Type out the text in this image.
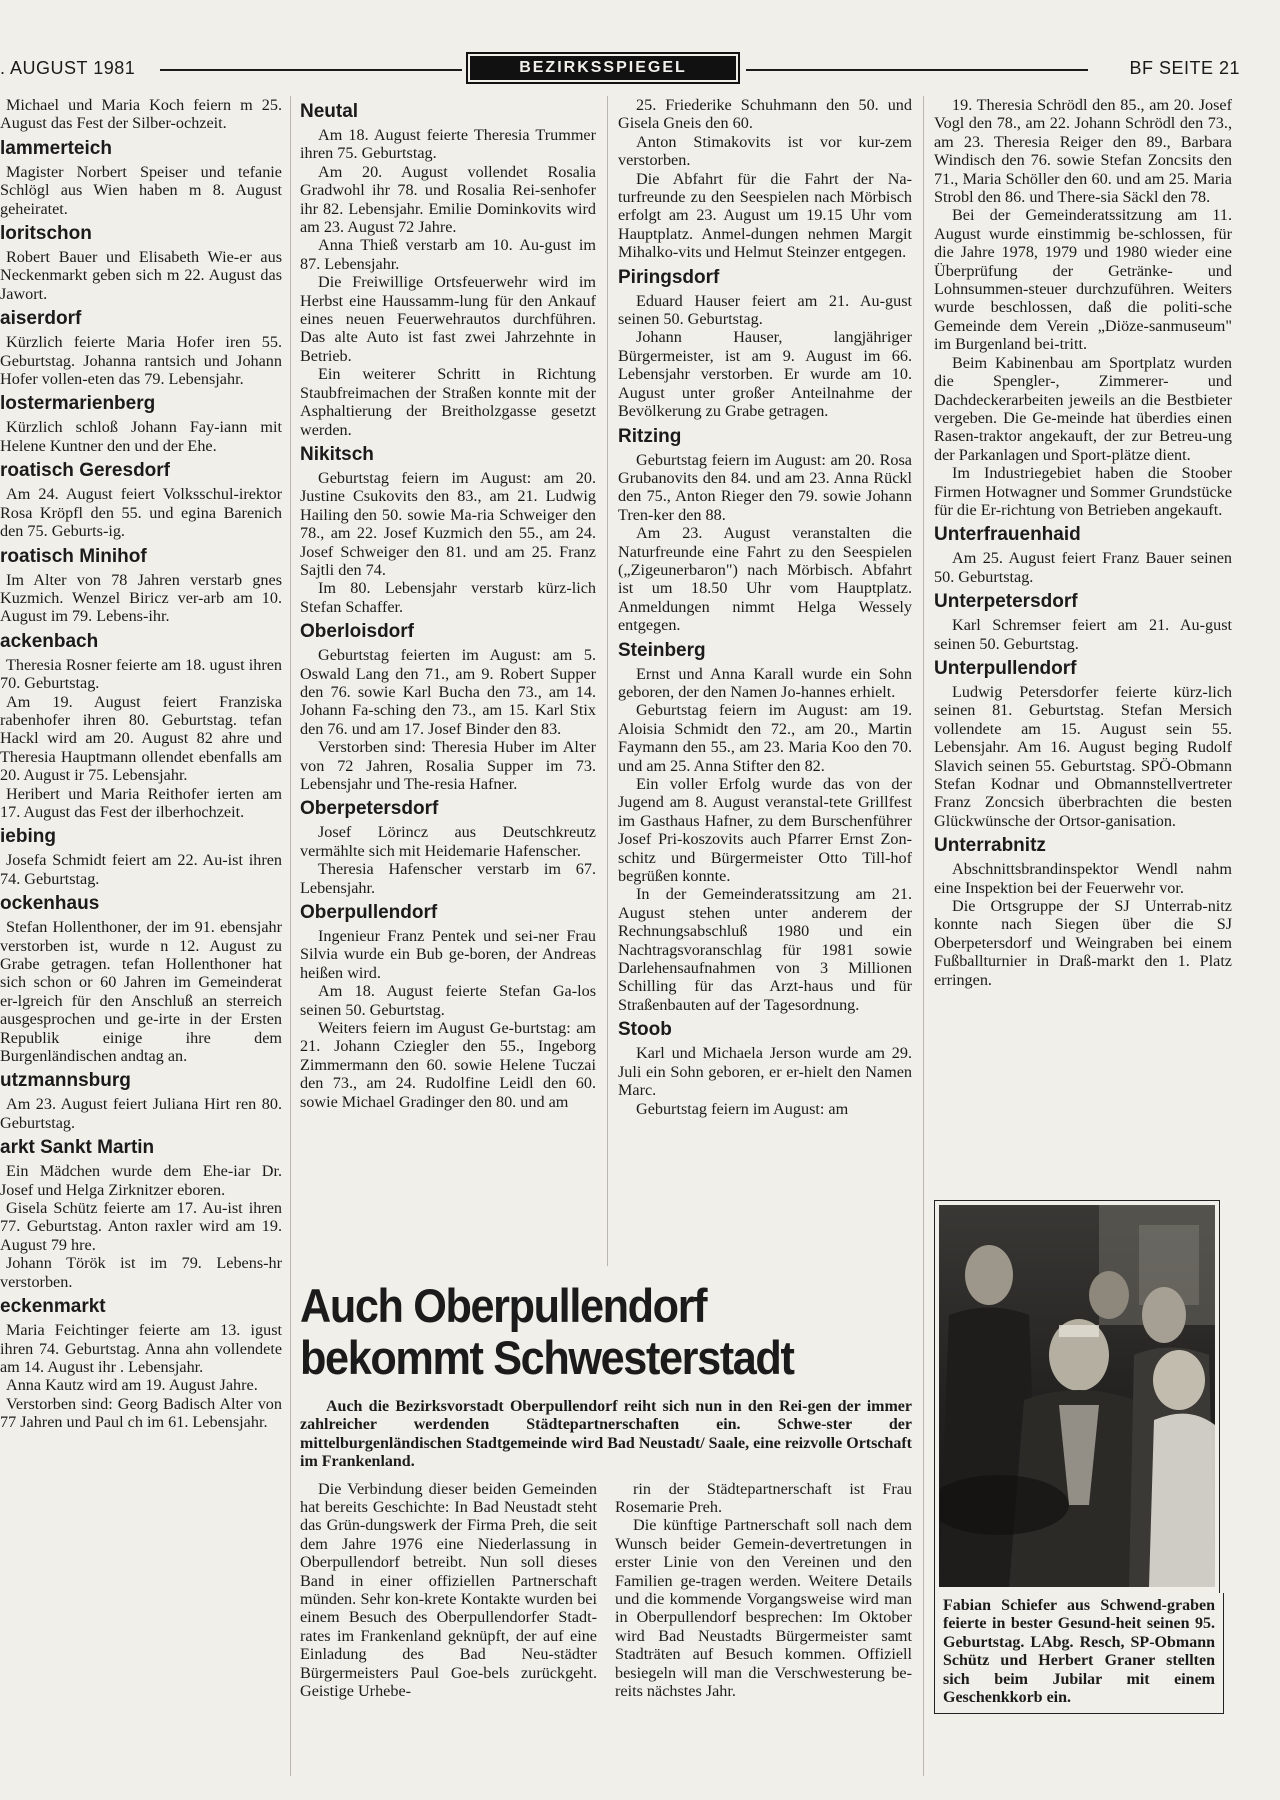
. AUGUST 1981	BEZIRKSSPIEGEL	BF SEITE 21

Michael und Maria Koch feiern m 25. August das Fest der Silber-ochzeit.

lammerteich

Magister Norbert Speiser und tefanie Schlögl aus Wien haben m 8. August geheiratet.

loritschon

Robert Bauer und Elisabeth Wie-er aus Neckenmarkt geben sich m 22. August das Jawort.

aiserdorf

Kürzlich feierte Maria Hofer iren 55. Geburtstag. Johanna rantsich und Johann Hofer vollen-eten das 79. Lebensjahr.

lostermarienberg

Kürzlich schloß Johann Fay-iann mit Helene Kuntner den und der Ehe.

roatisch Geresdorf

Am 24. August feiert Volksschul-irektor Rosa Kröpfl den 55. und egina Barenich den 75. Geburts-ig.

roatisch Minihof

Im Alter von 78 Jahren verstarb gnes Kuzmich. Wenzel Biricz ver-arb am 10. August im 79. Lebens-ihr.

ackenbach

Theresia Rosner feierte am 18. ugust ihren 70. Geburtstag.

Am 19. August feiert Franziska rabenhofer ihren 80. Geburtstag. tefan Hackl wird am 20. August 82 ahre und Theresia Hauptmann ollendet ebenfalls am 20. August ir 75. Lebensjahr.

Heribert und Maria Reithofer ierten am 17. August das Fest der ilberhochzeit.

iebing

Josefa Schmidt feiert am 22. Au-ist ihren 74. Geburtstag.

ockenhaus

Stefan Hollenthoner, der im 91. ebensjahr verstorben ist, wurde n 12. August zu Grabe getragen. tefan Hollenthoner hat sich schon or 60 Jahren im Gemeinderat er-lgreich für den Anschluß an sterreich ausgesprochen und ge-irte in der Ersten Republik einige ihre dem Burgenländischen andtag an.

utzmannsburg

Am 23. August feiert Juliana Hirt ren 80. Geburtstag.

arkt Sankt Martin

Ein Mädchen wurde dem Ehe-iar Dr. Josef und Helga Zirknitzer eboren.

Gisela Schütz feierte am 17. Au-ist ihren 77. Geburtstag. Anton raxler wird am 19. August 79 hre.

Johann Török ist im 79. Lebens-hr verstorben.

eckenmarkt

Maria Feichtinger feierte am 13. igust ihren 74. Geburtstag. Anna ahn vollendete am 14. August ihr . Lebensjahr.

Anna Kautz wird am 19. August Jahre.

Verstorben sind: Georg Badisch Alter von 77 Jahren und Paul ch im 61. Lebensjahr.

Neutal

Am 18. August feierte Theresia Trummer ihren 75. Geburtstag.

Am 20. August vollendet Rosalia Gradwohl ihr 78. und Rosalia Rei-senhofer ihr 82. Lebensjahr. Emilie Dominkovits wird am 23. August 72 Jahre.

Anna Thieß verstarb am 10. Au-gust im 87. Lebensjahr.

Die Freiwillige Ortsfeuerwehr wird im Herbst eine Haussamm-lung für den Ankauf eines neuen Feuerwehrautos durchführen. Das alte Auto ist fast zwei Jahrzehnte in Betrieb.

Ein weiterer Schritt in Richtung Staubfreimachen der Straßen konnte mit der Asphaltierung der Breitholzgasse gesetzt werden.

Nikitsch

Geburtstag feiern im August: am 20. Justine Csukovits den 83., am 21. Ludwig Hailing den 50. sowie Ma-ria Schweiger den 78., am 22. Josef Kuzmich den 55., am 24. Josef Schweiger den 81. und am 25. Franz Sajtli den 74.

Im 80. Lebensjahr verstarb kürz-lich Stefan Schaffer.

Oberloisdorf

Geburtstag feierten im August: am 5. Oswald Lang den 71., am 9. Robert Supper den 76. sowie Karl Bucha den 73., am 14. Johann Fa-sching den 73., am 15. Karl Stix den 76. und am 17. Josef Binder den 83.

Verstorben sind: Theresia Huber im Alter von 72 Jahren, Rosalia Supper im 73. Lebensjahr und The-resia Hafner.

Oberpetersdorf

Josef Lörincz aus Deutschkreutz vermählte sich mit Heidemarie Hafenscher.

Theresia Hafenscher verstarb im 67. Lebensjahr.

Oberpullendorf

Ingenieur Franz Pentek und sei-ner Frau Silvia wurde ein Bub ge-boren, der Andreas heißen wird.

Am 18. August feierte Stefan Ga-los seinen 50. Geburtstag.

Weiters feiern im August Ge-burtstag: am 21. Johann Cziegler den 55., Ingeborg Zimmermann den 60. sowie Helene Tuczai den 73., am 24. Rudolfine Leidl den 60. sowie Michael Gradinger den 80. und am

25. Friederike Schuhmann den 50. und Gisela Gneis den 60.

Anton Stimakovits ist vor kur-zem verstorben.

Die Abfahrt für die Fahrt der Na-turfreunde zu den Seespielen nach Mörbisch erfolgt am 23. August um 19.15 Uhr vom Hauptplatz. Anmel-dungen nehmen Margit Mihalko-vits und Helmut Steinzer entgegen.

Piringsdorf

Eduard Hauser feiert am 21. Au-gust seinen 50. Geburtstag.

Johann Hauser, langjähriger Bürgermeister, ist am 9. August im 66. Lebensjahr verstorben. Er wurde am 10. August unter großer Anteilnahme der Bevölkerung zu Grabe getragen.

Ritzing

Geburtstag feiern im August: am 20. Rosa Grubanovits den 84. und am 23. Anna Rückl den 75., Anton Rieger den 79. sowie Johann Tren-ker den 88.

Am 23. August veranstalten die Naturfreunde eine Fahrt zu den Seespielen („Zigeunerbaron") nach Mörbisch. Abfahrt ist um 18.50 Uhr vom Hauptplatz. Anmeldungen nimmt Helga Wessely entgegen.

Steinberg

Ernst und Anna Karall wurde ein Sohn geboren, der den Namen Jo-hannes erhielt.

Geburtstag feiern im August: am 19. Aloisia Schmidt den 72., am 20., Martin Faymann den 55., am 23. Maria Koo den 70. und am 25. Anna Stifter den 82.

Ein voller Erfolg wurde das von der Jugend am 8. August veranstal-tete Grillfest im Gasthaus Hafner, zu dem Burschenführer Josef Pri-koszovits auch Pfarrer Ernst Zon-schitz und Bürgermeister Otto Till-hof begrüßen konnte.

In der Gemeinderatssitzung am 21. August stehen unter anderem der Rechnungsabschluß 1980 und ein Nachtragsvoranschlag für 1981 sowie Darlehensaufnahmen von 3 Millionen Schilling für das Arzt-haus und für Straßenbauten auf der Tagesordnung.

Stoob

Karl und Michaela Jerson wurde am 29. Juli ein Sohn geboren, er er-hielt den Namen Marc.

Geburtstag feiern im August: am

19. Theresia Schrödl den 85., am 20. Josef Vogl den 78., am 22. Johann Schrödl den 73., am 23. Theresia Reiger den 89., Barbara Windisch den 76. sowie Stefan Zoncsits den 71., Maria Schöller den 60. und am 25. Maria Strobl den 86. und There-sia Säckl den 78.

Bei der Gemeinderatssitzung am 11. August wurde einstimmig be-schlossen, für die Jahre 1978, 1979 und 1980 wieder eine Überprüfung der Getränke- und Lohnsummen-steuer durchzuführen. Weiters wurde beschlossen, daß die politi-sche Gemeinde dem Verein „Diöze-sanmuseum" im Burgenland bei-tritt.

Beim Kabinenbau am Sportplatz wurden die Spengler-, Zimmerer- und Dachdeckerarbeiten jeweils an die Bestbieter vergeben. Die Ge-meinde hat überdies einen Rasen-traktor angekauft, der zur Betreu-ung der Parkanlagen und Sport-plätze dient.

Im Industriegebiet haben die Stoober Firmen Hotwagner und Sommer Grundstücke für die Er-richtung von Betrieben angekauft.

Unterfrauenhaid

Am 25. August feiert Franz Bauer seinen 50. Geburtstag.

Unterpetersdorf

Karl Schremser feiert am 21. Au-gust seinen 50. Geburtstag.

Unterpullendorf

Ludwig Petersdorfer feierte kürz-lich seinen 81. Geburtstag. Stefan Mersich vollendete am 15. August sein 55. Lebensjahr. Am 16. August beging Rudolf Slavich seinen 55. Geburtstag. SPÖ-Obmann Stefan Kodnar und Obmannstellvertreter Franz Zoncsich überbrachten die besten Glückwünsche der Ortsor-ganisation.

Unterrabnitz

Abschnittsbrandinspektor Wendl nahm eine Inspektion bei der Feuerwehr vor.

Die Ortsgruppe der SJ Unterrab-nitz konnte nach Siegen über die SJ Oberpetersdorf und Weingraben bei einem Fußballturnier in Draß-markt den 1. Platz erringen.

Auch Oberpullendorf
bekommt Schwesterstadt

Auch die Bezirksvorstadt Oberpullendorf reiht sich nun in den Rei-gen der immer zahlreicher werdenden Städtepartnerschaften ein. Schwe-ster der mittelburgenländischen Stadtgemeinde wird Bad Neustadt/ Saale, eine reizvolle Ortschaft im Frankenland.

Die Verbindung dieser beiden Gemeinden hat bereits Geschichte: In Bad Neustadt steht das Grün-dungswerk der Firma Preh, die seit dem Jahre 1976 eine Niederlassung in Oberpullendorf betreibt. Nun soll dieses Band in einer offiziellen Partnerschaft münden. Sehr kon-krete Kontakte wurden bei einem Besuch des Oberpullendorfer Stadt-rates im Frankenland geknüpft, der auf eine Einladung des Bad Neu-städter Bürgermeisters Paul Goe-bels zurückgeht. Geistige Urhebe-

rin der Städtepartnerschaft ist Frau Rosemarie Preh.

Die künftige Partnerschaft soll nach dem Wunsch beider Gemein-devertretungen in erster Linie von den Vereinen und den Familien ge-tragen werden. Weitere Details und die kommende Vorgangsweise wird man in Oberpullendorf besprechen: Im Oktober wird Bad Neustadts Bürgermeister samt Stadträten auf Besuch kommen. Offiziell besiegeln will man die Verschwesterung be-reits nächstes Jahr.

Fabian Schiefer aus Schwend-graben feierte in bester Gesund-heit seinen 95. Geburtstag. LAbg. Resch, SP-Obmann Schütz und Herbert Graner stellten sich beim Jubilar mit einem Geschenkkorb ein.
